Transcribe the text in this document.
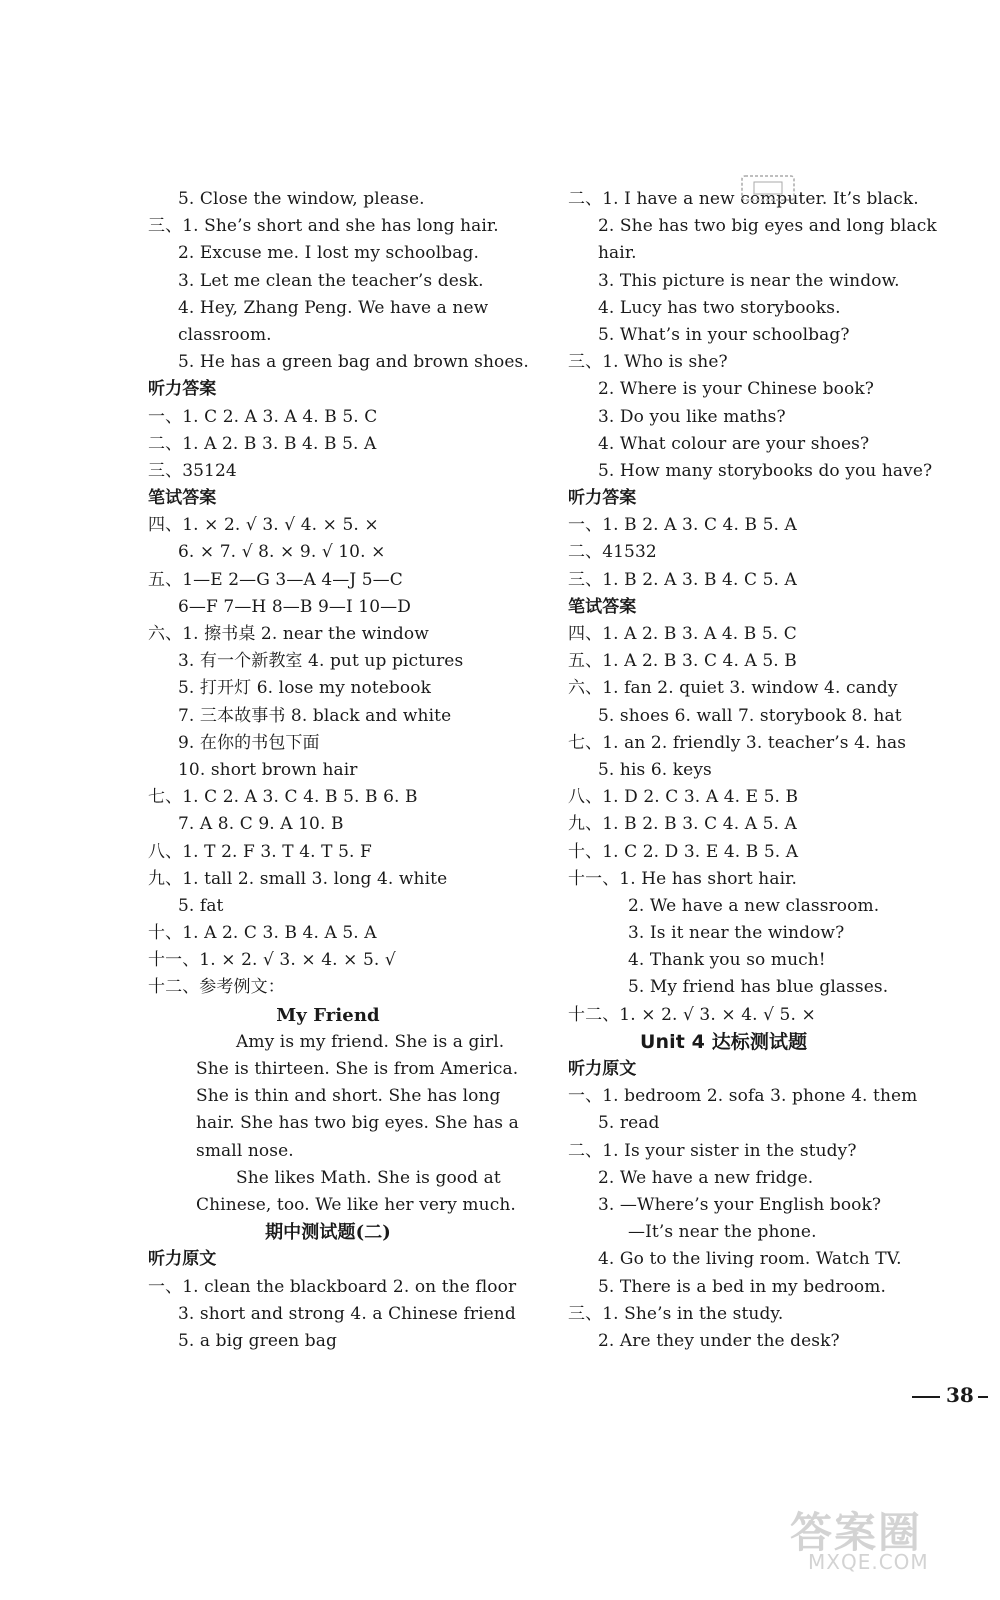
5. Close the window, please.
三、1. She’s short and she has long hair.
2. Excuse me. I lost my schoolbag.
3. Let me clean the teacher’s desk.
4. Hey, Zhang Peng. We have a new
classroom.
5. He has a green bag and brown shoes.
听力答案
一、1. C 2. A 3. A 4. B 5. C
二、1. A 2. B 3. B 4. B 5. A
三、35124
笔试答案
四、1. × 2. √ 3. √ 4. × 5. ×
6. × 7. √ 8. × 9. √ 10. ×
五、1—E 2—G 3—A 4—J 5—C
6—F 7—H 8—B 9—I 10—D
六、1. 擦书桌 2. near the window
3. 有一个新教室 4. put up pictures
5. 打开灯 6. lose my notebook
7. 三本故事书 8. black and white
9. 在你的书包下面
10. short brown hair
七、1. C 2. A 3. C 4. B 5. B 6. B
7. A 8. C 9. A 10. B
八、1. T 2. F 3. T 4. T 5. F
九、1. tall 2. small 3. long 4. white
5. fat
十、1. A 2. C 3. B 4. A 5. A
十一、1. × 2. √ 3. × 4. × 5. √
十二、参考例文：
My Friend
Amy is my friend. She is a girl.
She is thirteen. She is from America.
She is thin and short. She has long
hair. She has two big eyes. She has a
small nose.
She likes Math. She is good at
Chinese, too. We like her very much.
期中测试题(二)
听力原文
一、1. clean the blackboard 2. on the floor
3. short and strong 4. a Chinese friend
5. a big green bag
二、1. I have a new computer. It’s black.
2. She has two big eyes and long black
hair.
3. This picture is near the window.
4. Lucy has two storybooks.
5. What’s in your schoolbag?
三、1. Who is she?
2. Where is your Chinese book?
3. Do you like maths?
4. What colour are your shoes?
5. How many storybooks do you have?
听力答案
一、1. B 2. A 3. C 4. B 5. A
二、41532
三、1. B 2. A 3. B 4. C 5. A
笔试答案
四、1. A 2. B 3. A 4. B 5. C
五、1. A 2. B 3. C 4. A 5. B
六、1. fan 2. quiet 3. window 4. candy
5. shoes 6. wall 7. storybook 8. hat
七、1. an 2. friendly 3. teacher’s 4. has
5. his 6. keys
八、1. D 2. C 3. A 4. E 5. B
九、1. B 2. B 3. C 4. A 5. A
十、1. C 2. D 3. E 4. B 5. A
十一、1. He has short hair.
2. We have a new classroom.
3. Is it near the window?
4. Thank you so much!
5. My friend has blue glasses.
十二、1. × 2. √ 3. × 4. √ 5. ×
Unit 4 达标测试题
听力原文
一、1. bedroom 2. sofa 3. phone 4. them
5. read
二、1. Is your sister in the study?
2. We have a new fridge.
3. —Where’s your English book?
—It’s near the phone.
4. Go to the living room. Watch TV.
5. There is a bed in my bedroom.
三、1. She’s in the study.
2. Are they under the desk?
38
答案圈
MXQE.COM
